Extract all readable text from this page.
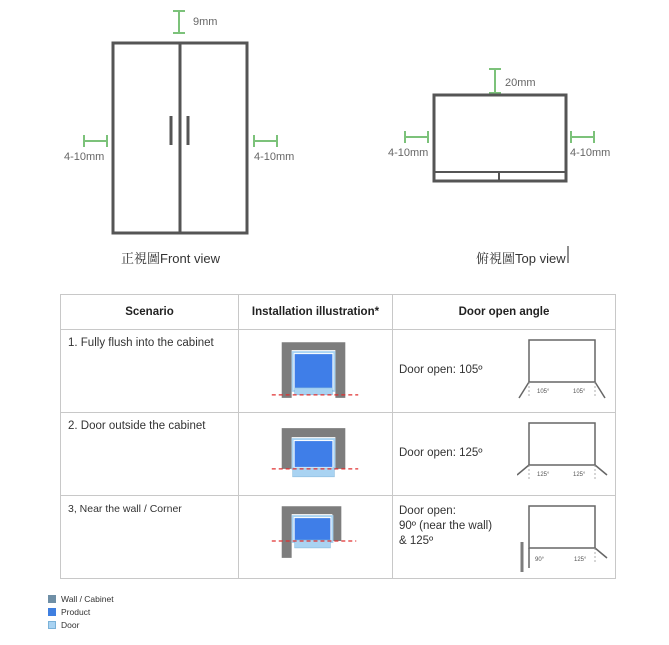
9mm
4-10mm	4-10mm
正視圖Front view
20mm
4-10mm	4-10mm
俯視圖Top view
Scenario	Installation illustration*	Door open angle

1. Fully flush into the cabinet		Door open: 105º
105° 105°

2. Door outside the cabinet		Door open: 125º
125° 125°

3, Near the wall / Corner		Door open:
90º (near the wall)
& 125º
90° 125°
Wall / Cabinet
Product
Door
